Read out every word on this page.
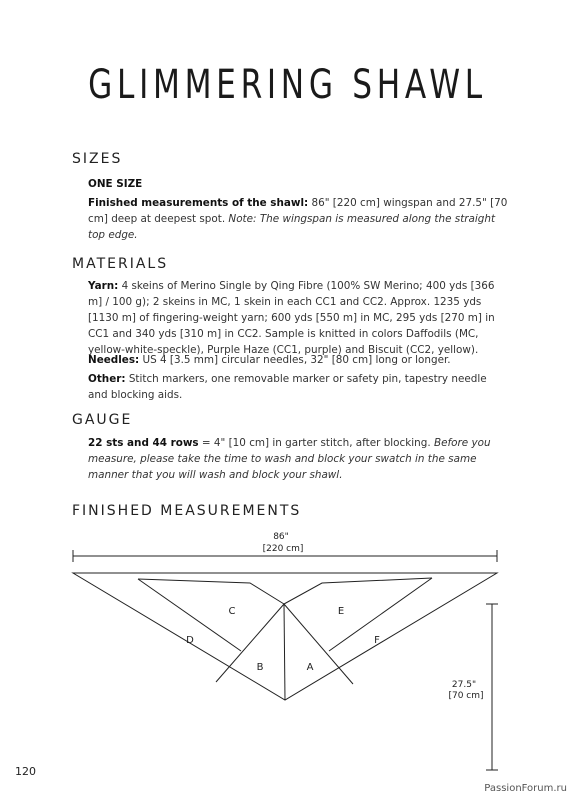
GLIMMERING SHAWL
SIZES
ONE SIZE
Finished measurements of the shawl: 86" [220 cm] wingspan and 27.5" [70 cm] deep at deepest spot. Note: The wingspan is measured along the straight top edge.
MATERIALS
Yarn: 4 skeins of Merino Single by Qing Fibre (100% SW Merino; 400 yds [366 m] / 100 g); 2 skeins in MC, 1 skein in each CC1 and CC2. Approx. 1235 yds [1130 m] of fingering-weight yarn; 600 yds [550 m] in MC, 295 yds [270 m] in CC1 and 340 yds [310 m] in CC2. Sample is knitted in colors Daffodils (MC, yellow-white-speckle), Purple Haze (CC1, purple) and Biscuit (CC2, yellow).
Needles: US 4 [3.5 mm] circular needles, 32" [80 cm] long or longer.
Other: Stitch markers, one removable marker or safety pin, tapestry needle and blocking aids.
GAUGE
22 sts and 44 rows = 4" [10 cm] in garter stitch, after blocking. Before you measure, please take the time to wash and block your swatch in the same manner that you will wash and block your shawl.
FINISHED MEASUREMENTS
C	E
D	F
B	A
86"
[220 cm]
27.5"
[70 cm]
120
PassionForum.ru
